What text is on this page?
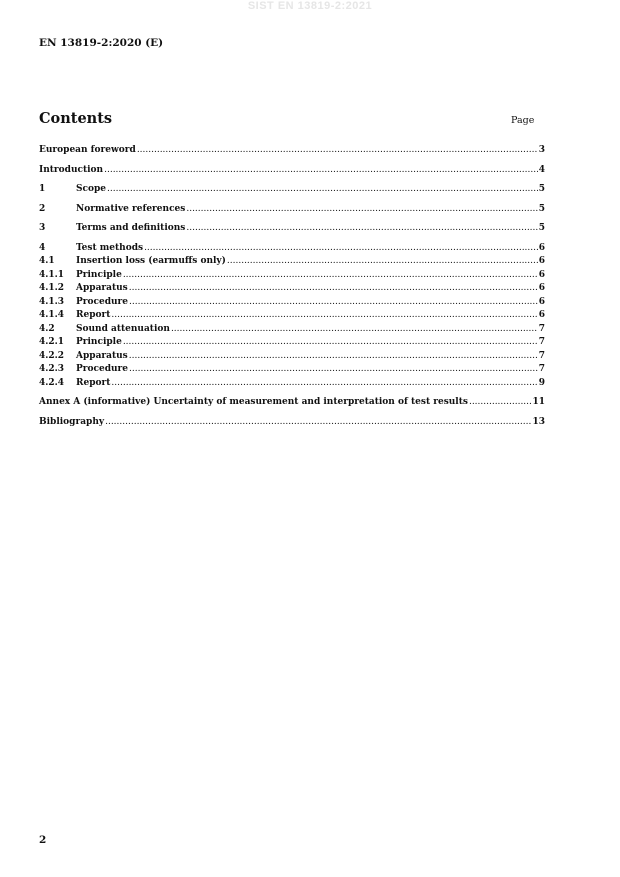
SIST EN 13819-2:2021
EN 13819-2:2020 (E)
Contents	Page
European foreword .....	3
Introduction .....	4
1	Scope .....	5
2	Normative references .....	5
3	Terms and definitions .....	5
4	Test methods .....	6
4.1	Insertion loss (earmuffs only) .....	6
4.1.1	Principle .....	6
4.1.2	Apparatus .....	6
4.1.3	Procedure .....	6
4.1.4	Report .....	6
4.2	Sound attenuation .....	7
4.2.1	Principle .....	7
4.2.2	Apparatus .....	7
4.2.3	Procedure .....	7
4.2.4	Report .....	9
Annex A (informative) Uncertainty of measurement and interpretation of test results .....	11
Bibliography .....	13
2
